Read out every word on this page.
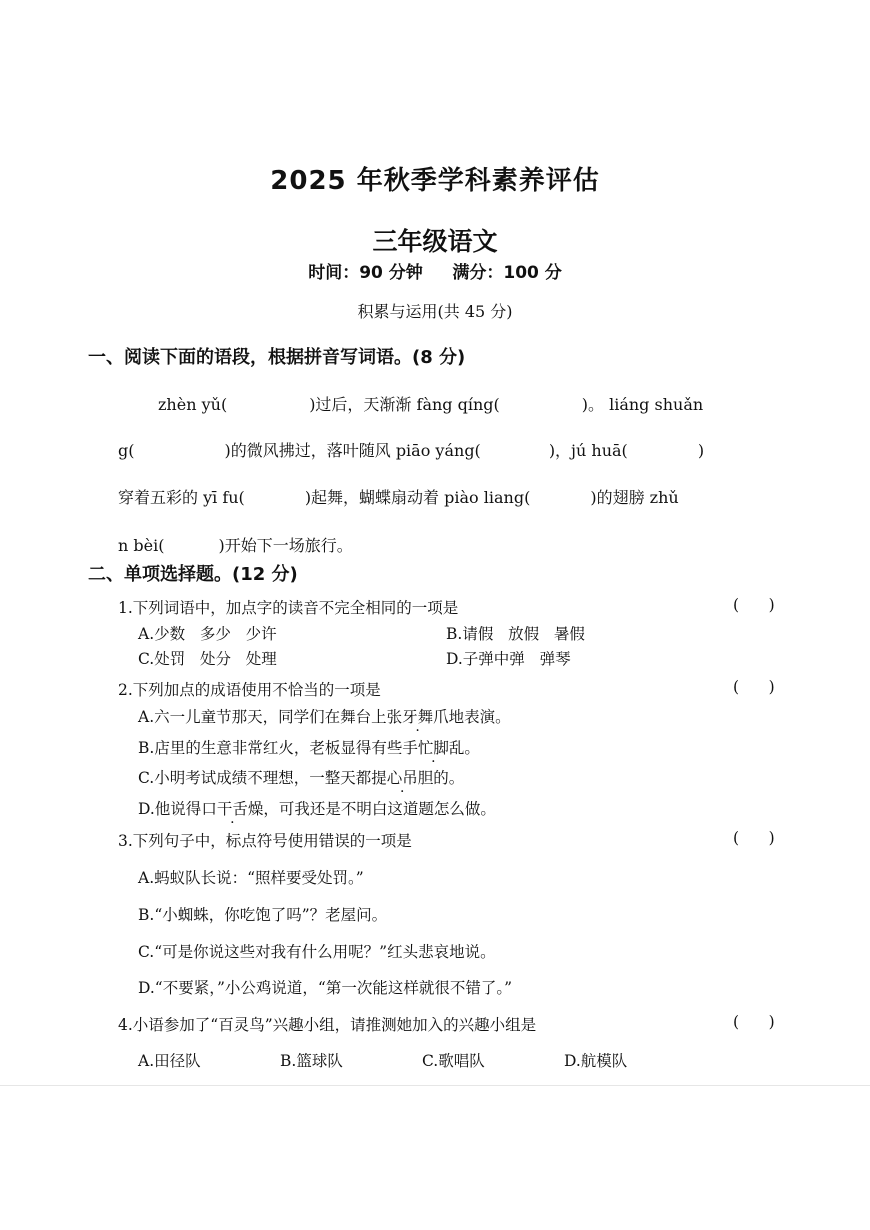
2025 年秋季学科素养评估
三年级语文
时间：90 分钟     满分：100 分
积累与运用(共 45 分)
一、阅读下面的语段，根据拼音写词语。(8 分)
zhèn yǔ(	)过后，天渐渐 fàng qíng(	)。 liáng shuǎn
g(	)的微风拂过，落叶随风 piāo yáng(	)，jú huā(	)
穿着五彩的 yī fu(	)起舞，蝴蝶扇动着 piào liang(	)的翅膀 zhǔ
n bèi(	)开始下一场旅行。
二、单项选择题。(12 分)
1.下列词语中，加点字的读音不完全相同的一项是	(      )
A.少数   多少   少许	B.请假   放假   暑假
C.处罚   处分   处理	D.子弹中弹   弹琴
2.下列加点的成语使用不恰当的一项是	(      )
A.六一儿童节那天，同学们在舞台上张牙舞爪地表演。
B.店里的生意非常红火，老板显得有些手忙脚乱。
C.小明考试成绩不理想，一整天都提心吊胆的。
D.他说得口干舌燥，可我还是不明白这道题怎么做。
3.下列句子中，标点符号使用错误的一项是	(      )
A.蚂蚁队长说：“照样要受处罚。”
B.“小蜘蛛，你吃饱了吗”？老屋问。
C.“可是你说这些对我有什么用呢？”红头悲哀地说。
D.“不要紧，”小公鸡说道，“第一次能这样就很不错了。”
4.小语参加了“百灵鸟”兴趣小组，请推测她加入的兴趣小组是	(      )
A.田径队	B.篮球队	C.歌唱队	D.航模队
